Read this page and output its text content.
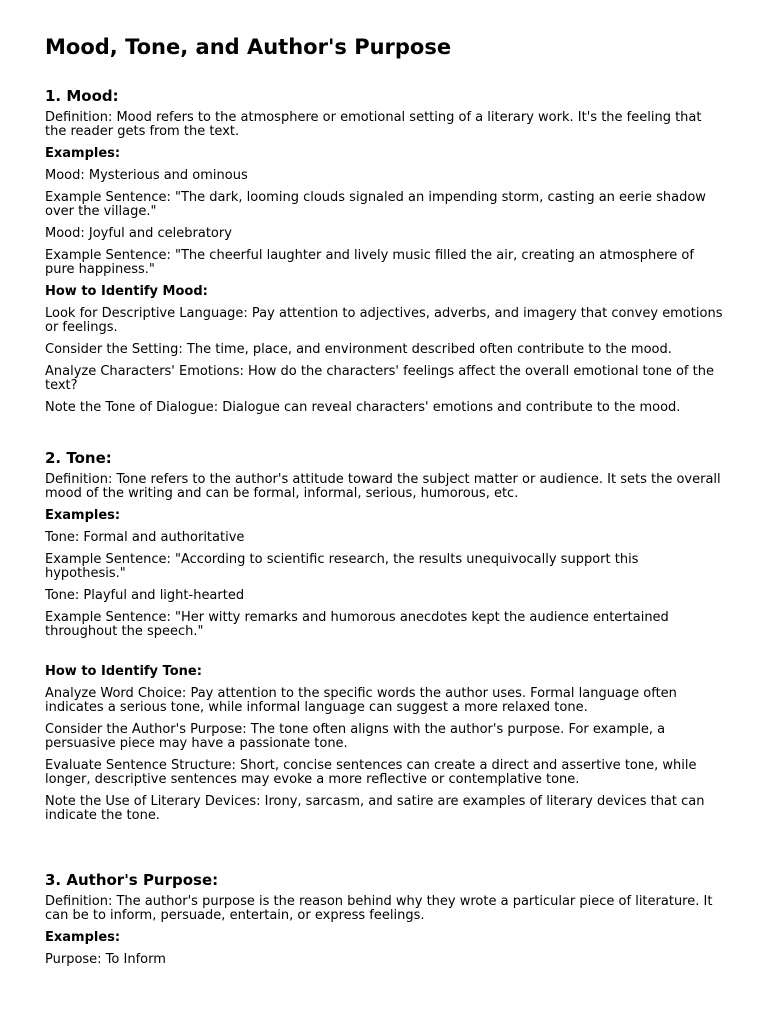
Mood, Tone, and Author's Purpose
1. Mood:

Definition: Mood refers to the atmosphere or emotional setting of a literary work. It's the feeling that the reader gets from the text.

Examples:

Mood: Mysterious and ominous

Example Sentence: "The dark, looming clouds signaled an impending storm, casting an eerie shadow over the village."

Mood: Joyful and celebratory

Example Sentence: "The cheerful laughter and lively music filled the air, creating an atmosphere of pure happiness."

How to Identify Mood:

Look for Descriptive Language: Pay attention to adjectives, adverbs, and imagery that convey emotions or feelings.

Consider the Setting: The time, place, and environment described often contribute to the mood.

Analyze Characters' Emotions: How do the characters' feelings affect the overall emotional tone of the text?

Note the Tone of Dialogue: Dialogue can reveal characters' emotions and contribute to the mood.

2. Tone:

Definition: Tone refers to the author's attitude toward the subject matter or audience. It sets the overall mood of the writing and can be formal, informal, serious, humorous, etc.

Examples:

Tone: Formal and authoritative

Example Sentence: "According to scientific research, the results unequivocally support this hypothesis."

Tone: Playful and light-hearted

Example Sentence: "Her witty remarks and humorous anecdotes kept the audience entertained throughout the speech."

How to Identify Tone:

Analyze Word Choice: Pay attention to the specific words the author uses. Formal language often indicates a serious tone, while informal language can suggest a more relaxed tone.

Consider the Author's Purpose: The tone often aligns with the author's purpose. For example, a persuasive piece may have a passionate tone.

Evaluate Sentence Structure: Short, concise sentences can create a direct and assertive tone, while longer, descriptive sentences may evoke a more reflective or contemplative tone.

Note the Use of Literary Devices: Irony, sarcasm, and satire are examples of literary devices that can indicate the tone.

3. Author's Purpose:

Definition: The author's purpose is the reason behind why they wrote a particular piece of literature. It can be to inform, persuade, entertain, or express feelings.

Examples:

Purpose: To Inform
